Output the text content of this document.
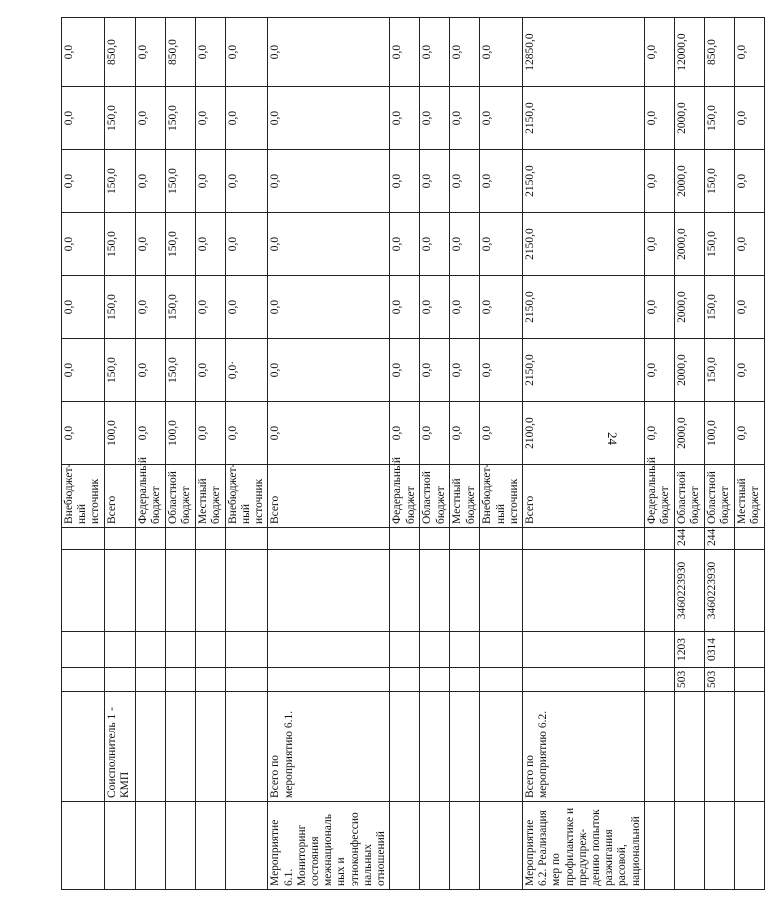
24
						Внебюджет-ный источник	0,0	0,0	0,0	0,0	0,0	0,0	0,0
	Соисполнитель 1 - КМП					Всего	100,0	150,0	150,0	150,0	150,0	150,0	850,0
						Федеральный бюджет	0,0	0,0	0,0	0,0	0,0	0,0	0,0
						Областной бюджет	100,0	150,0	150,0	150,0	150,0	150,0	850,0
						Местный бюджет	0,0	0,0	0,0	0,0	0,0	0,0	0,0
						Внебюджет-ный источник	0,0	0,0·	0,0	0,0	0,0	0,0	0,0
Мероприятие 6.1. Мониторинг состояния межнациональ ных и этноконфессио нальных отношений	Всего по мероприятию 6.1.					Всего	0,0	0,0	0,0	0,0	0,0	0,0	0,0
						Федеральный бюджет	0,0	0,0	0,0	0,0	0,0	0,0	0,0
						Областной бюджет	0,0	0,0	0,0	0,0	0,0	0,0	0,0
						Местный бюджет	0,0	0,0	0,0	0,0	0,0	0,0	0,0
						Внебюджет-ный источник	0,0	0,0	0,0	0,0	0,0	0,0	0,0
Мероприятие 6.2. Реализация мер по профилактике и предупреж-дению попыток разжигания расовой, национальной	Всего по мероприятию 6.2.					Всего	2100,0	2150,0	2150,0	2150,0	2150,0	2150,0	12850,0
						Федеральный бюджет	0,0	0,0	0,0	0,0	0,0	0,0	0,0
		503	1203	3460223930	244	Областной бюджет	2000,0	2000,0	2000,0	2000,0	2000,0	2000,0	12000,0
		503	0314	3460223930	244	Областной бюджет	100,0	150,0	150,0	150,0	150,0	150,0	850,0
						Местный бюджет	0,0	0,0	0,0	0,0	0,0	0,0	0,0
